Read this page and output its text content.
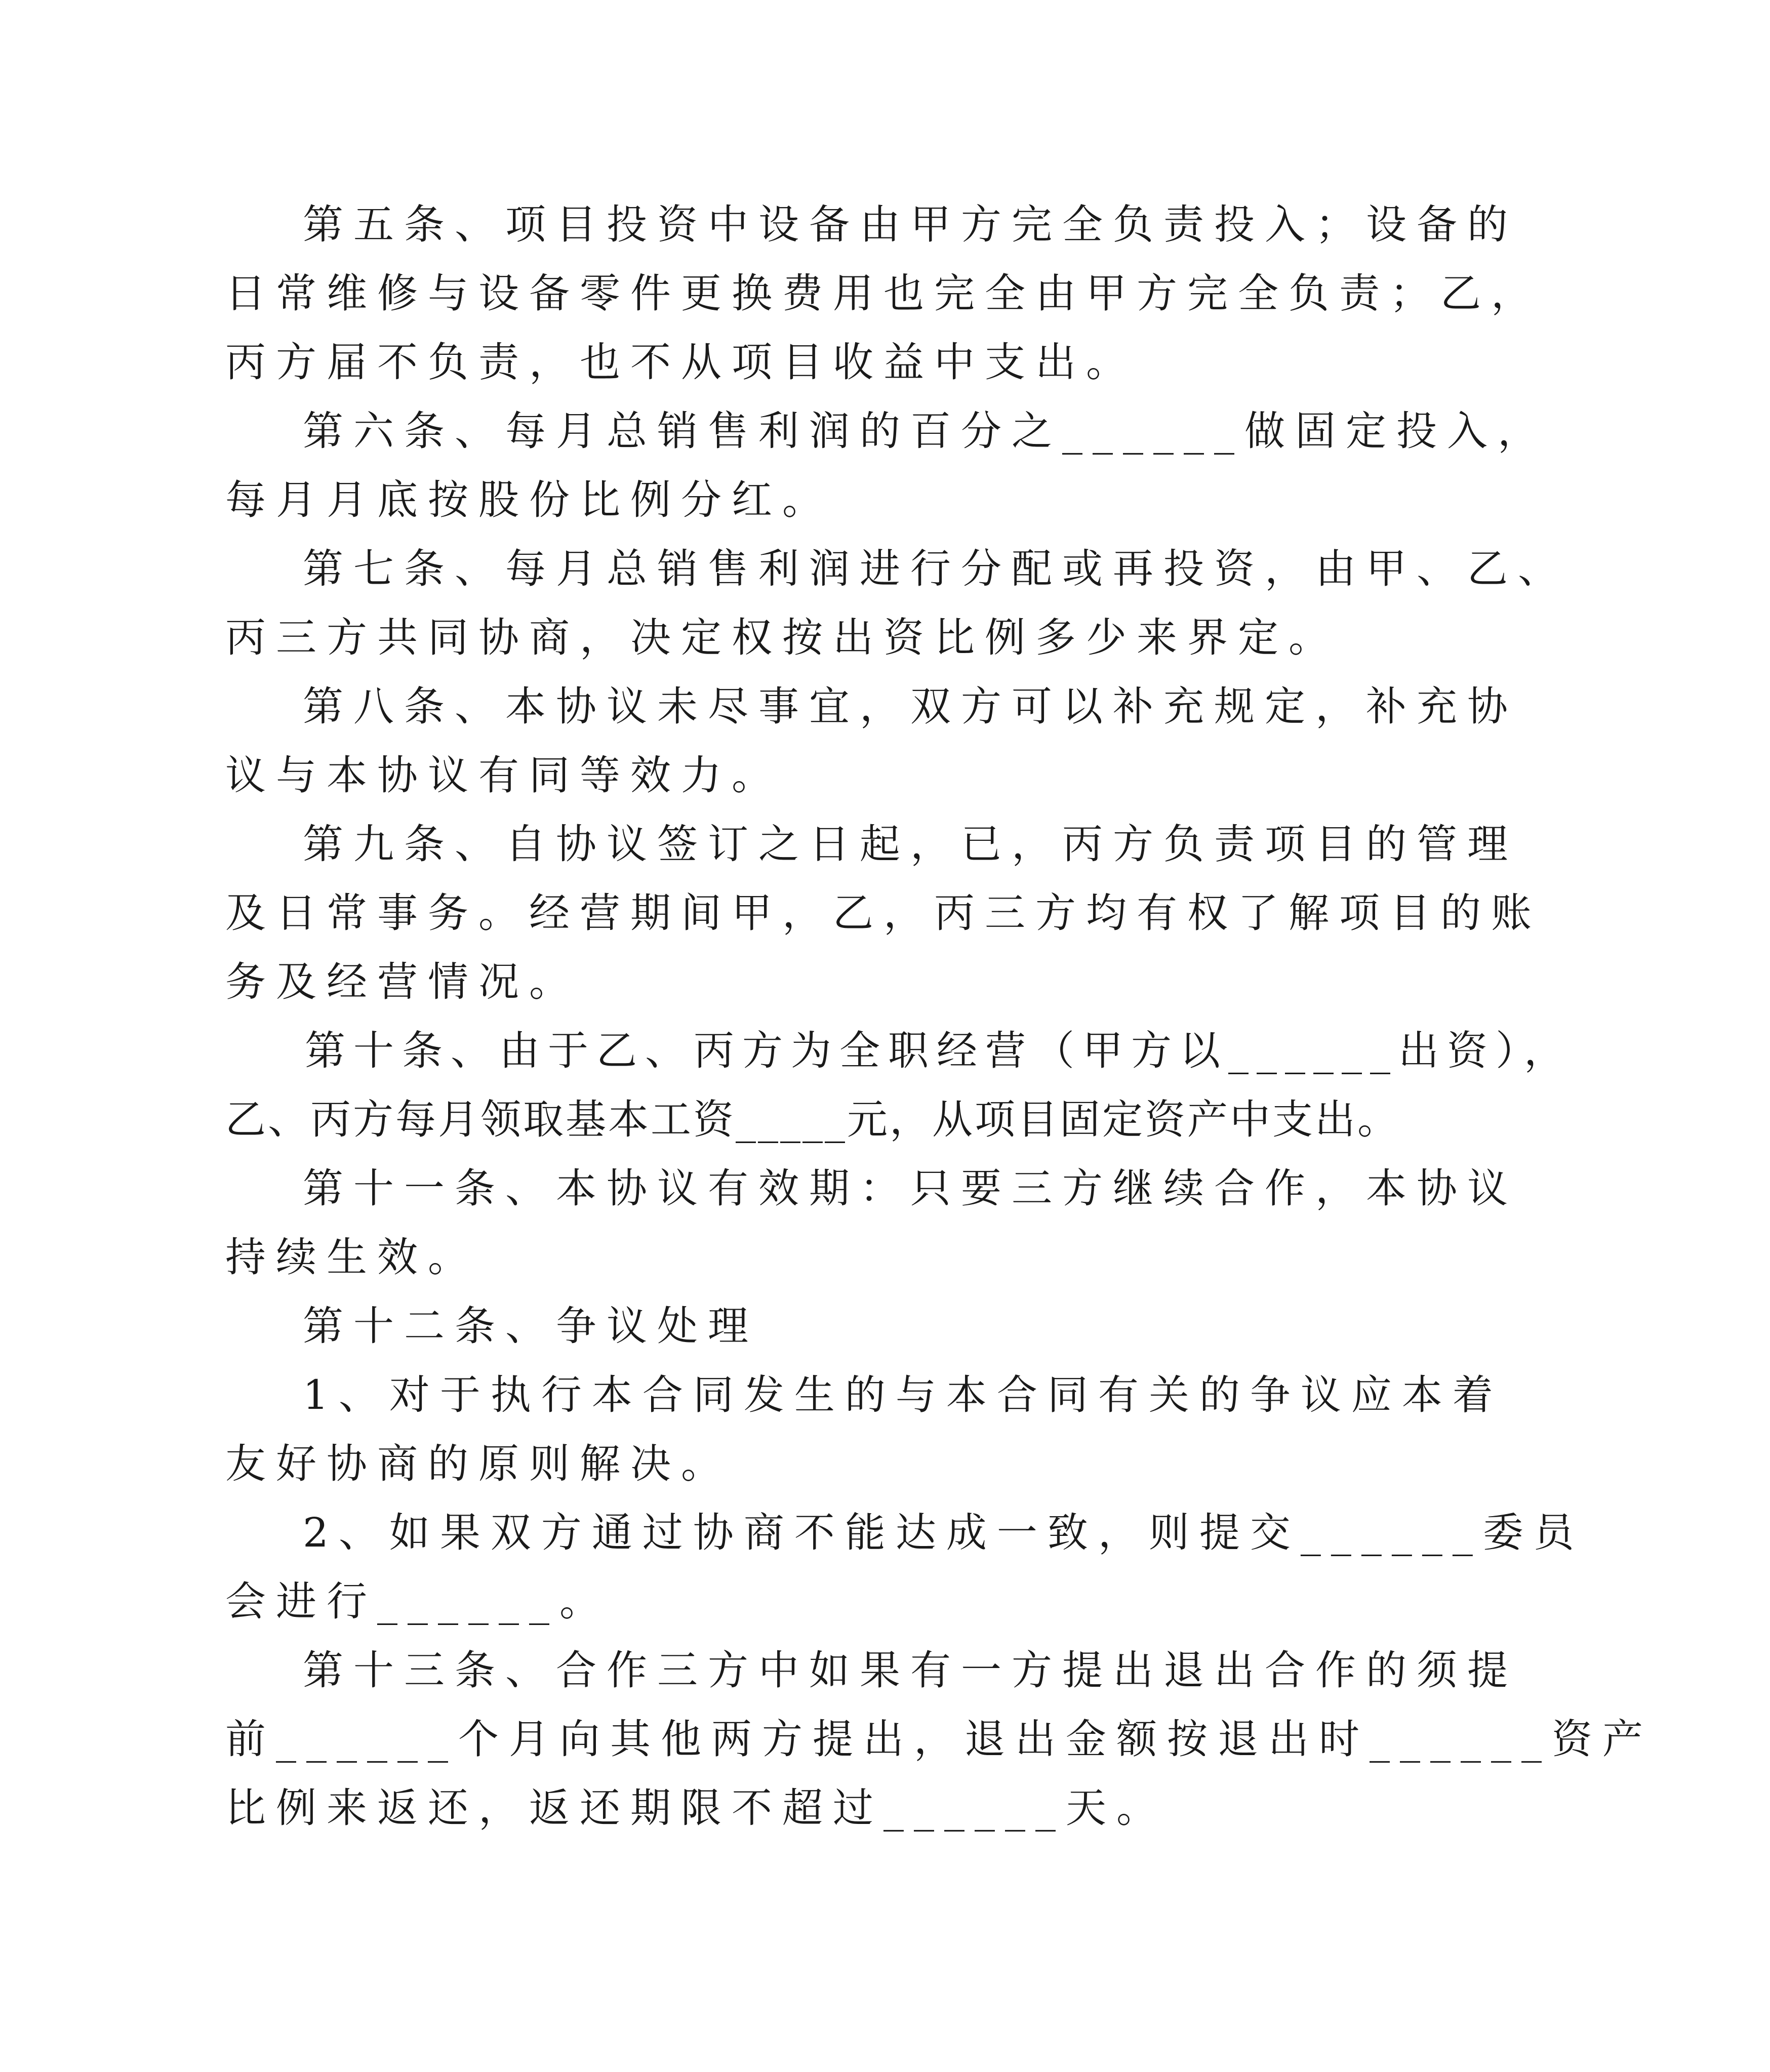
第五条、项目投资中设备由甲方完全负责投入；设备的
日常维修与设备零件更换费用也完全由甲方完全负责；乙，
丙方届不负责，也不从项目收益中支出。
第六条、每月总销售利润的百分之______做固定投入，
每月月底按股份比例分红。
第七条、每月总销售利润进行分配或再投资，由甲、乙、
丙三方共同协商，决定权按出资比例多少来界定。
第八条、本协议未尽事宜，双方可以补充规定，补充协
议与本协议有同等效力。
第九条、自协议签订之日起，已，丙方负责项目的管理
及日常事务。经营期间甲，乙，丙三方均有权了解项目的账
务及经营情况。
第十条、由于乙、丙方为全职经营（甲方以______出资），
乙、丙方每月领取基本工资_____元，从项目固定资产中支出。
第十一条、本协议有效期：只要三方继续合作，本协议
持续生效。
第十二条、争议处理
1、对于执行本合同发生的与本合同有关的争议应本着
友好协商的原则解决。
2、如果双方通过协商不能达成一致，则提交______委员
会进行______。
第十三条、合作三方中如果有一方提出退出合作的须提
前______个月向其他两方提出，退出金额按退出时______资产
比例来返还，返还期限不超过______天。
